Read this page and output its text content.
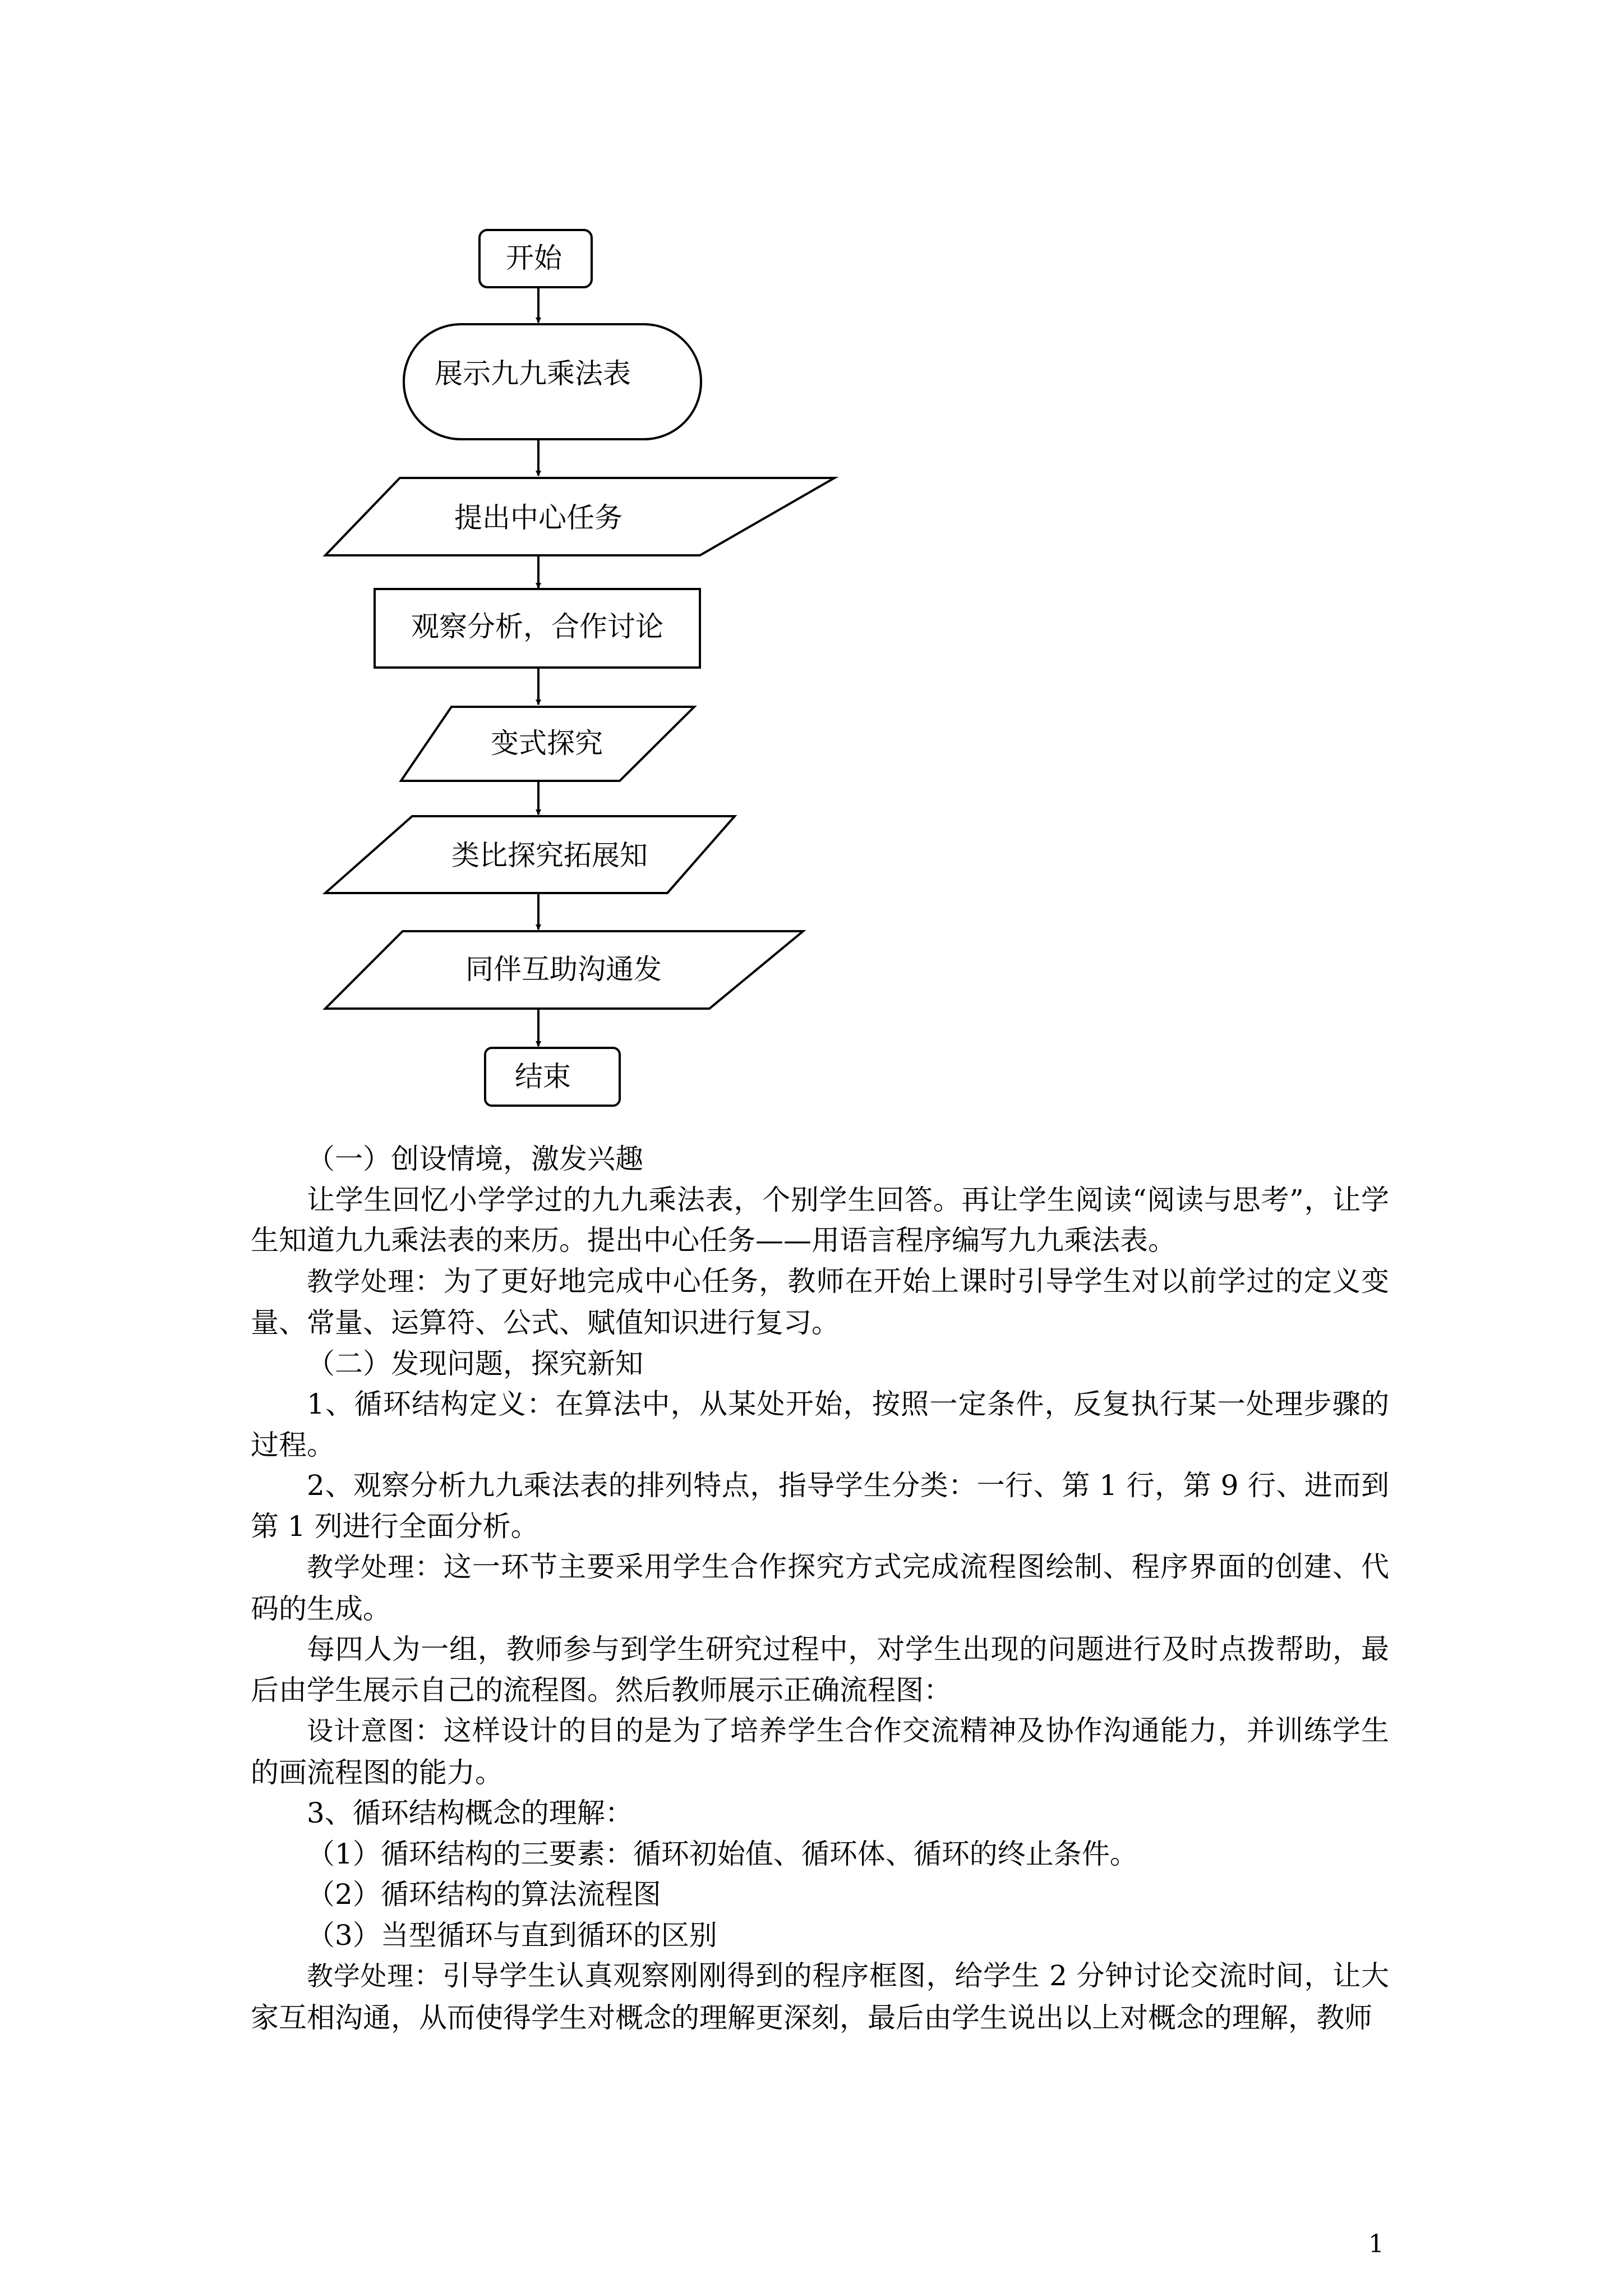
开始
展示九九乘法表
提出中心任务
观察分析，合作讨论
变式探究
类比探究拓展知
同伴互助沟通发
结束

（一）创设情境，激发兴趣

让学生回忆小学学过的九九乘法表，个别学生回答。再让学生阅读“阅读与思考”，让学生知道九九乘法表的来历。提出中心任务——用语言程序编写九九乘法表。

教学处理：为了更好地完成中心任务，教师在开始上课时引导学生对以前学过的定义变量、常量、运算符、公式、赋值知识进行复习。

（二）发现问题，探究新知

1、循环结构定义：在算法中，从某处开始，按照一定条件，反复执行某一处理步骤的过程。

2、观察分析九九乘法表的排列特点，指导学生分类：一行、第 1 行，第 9 行、进而到第 1 列进行全面分析。

教学处理：这一环节主要采用学生合作探究方式完成流程图绘制、程序界面的创建、代码的生成。

每四人为一组，教师参与到学生研究过程中，对学生出现的问题进行及时点拨帮助，最后由学生展示自己的流程图。然后教师展示正确流程图：

设计意图：这样设计的目的是为了培养学生合作交流精神及协作沟通能力，并训练学生的画流程图的能力。

3、循环结构概念的理解：

（1）循环结构的三要素：循环初始值、循环体、循环的终止条件。

（2）循环结构的算法流程图

（3）当型循环与直到循环的区别

教学处理：引导学生认真观察刚刚得到的程序框图，给学生 2 分钟讨论交流时间，让大家互相沟通，从而使得学生对概念的理解更深刻，最后由学生说出以上对概念的理解，教师

1
